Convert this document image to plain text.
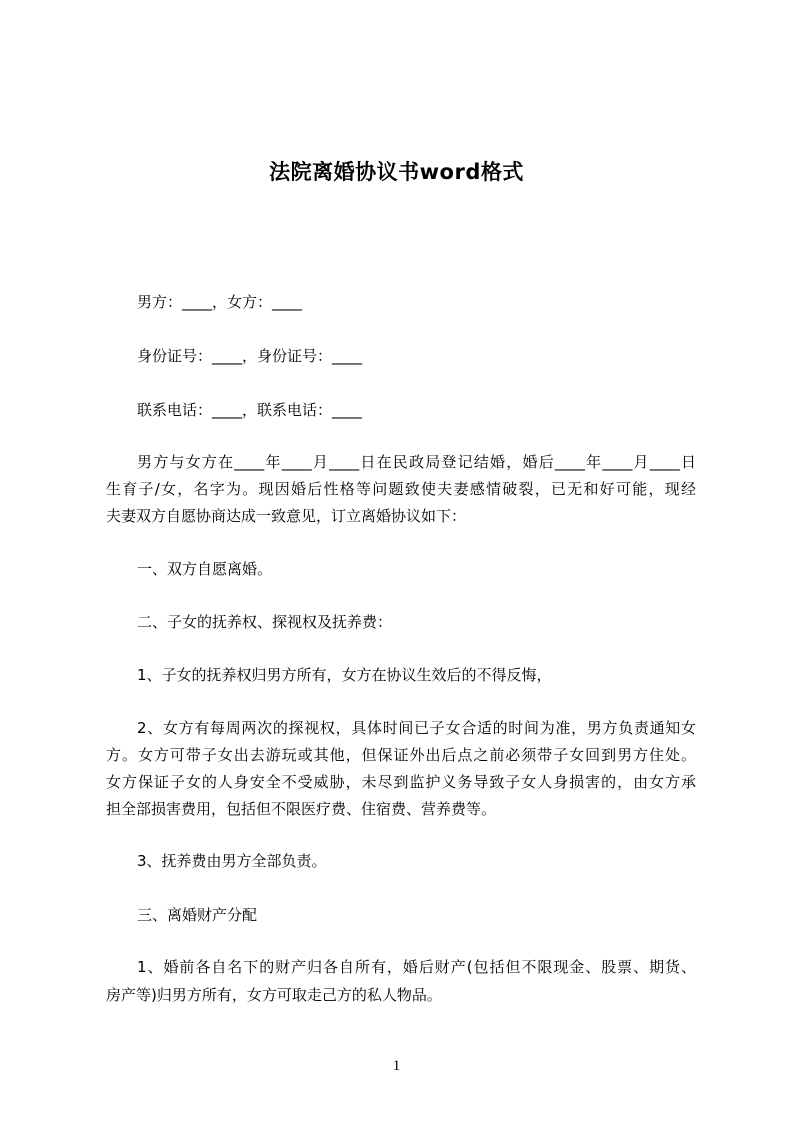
法院离婚协议书word格式

男方：____，女方：____

身份证号：____，身份证号：____

联系电话：____，联系电话：____

男方与女方在____年____月____日在民政局登记结婚，婚后____年____月____日

生育子/女，名字为。现因婚后性格等问题致使夫妻感情破裂，已无和好可能，现经

夫妻双方自愿协商达成一致意见，订立离婚协议如下：

一、双方自愿离婚。

二、子女的抚养权、探视权及抚养费：

1、子女的抚养权归男方所有，女方在协议生效后的不得反悔，

2、女方有每周两次的探视权，具体时间已子女合适的时间为准，男方负责通知女

方。女方可带子女出去游玩或其他，但保证外出后点之前必须带子女回到男方住处。

女方保证子女的人身安全不受威胁，未尽到监护义务导致子女人身损害的，由女方承

担全部损害费用，包括但不限医疗费、住宿费、营养费等。

3、抚养费由男方全部负责。

三、离婚财产分配

1、婚前各自名下的财产归各自所有，婚后财产(包括但不限现金、股票、期货、

房产等)归男方所有，女方可取走己方的私人物品。

1
